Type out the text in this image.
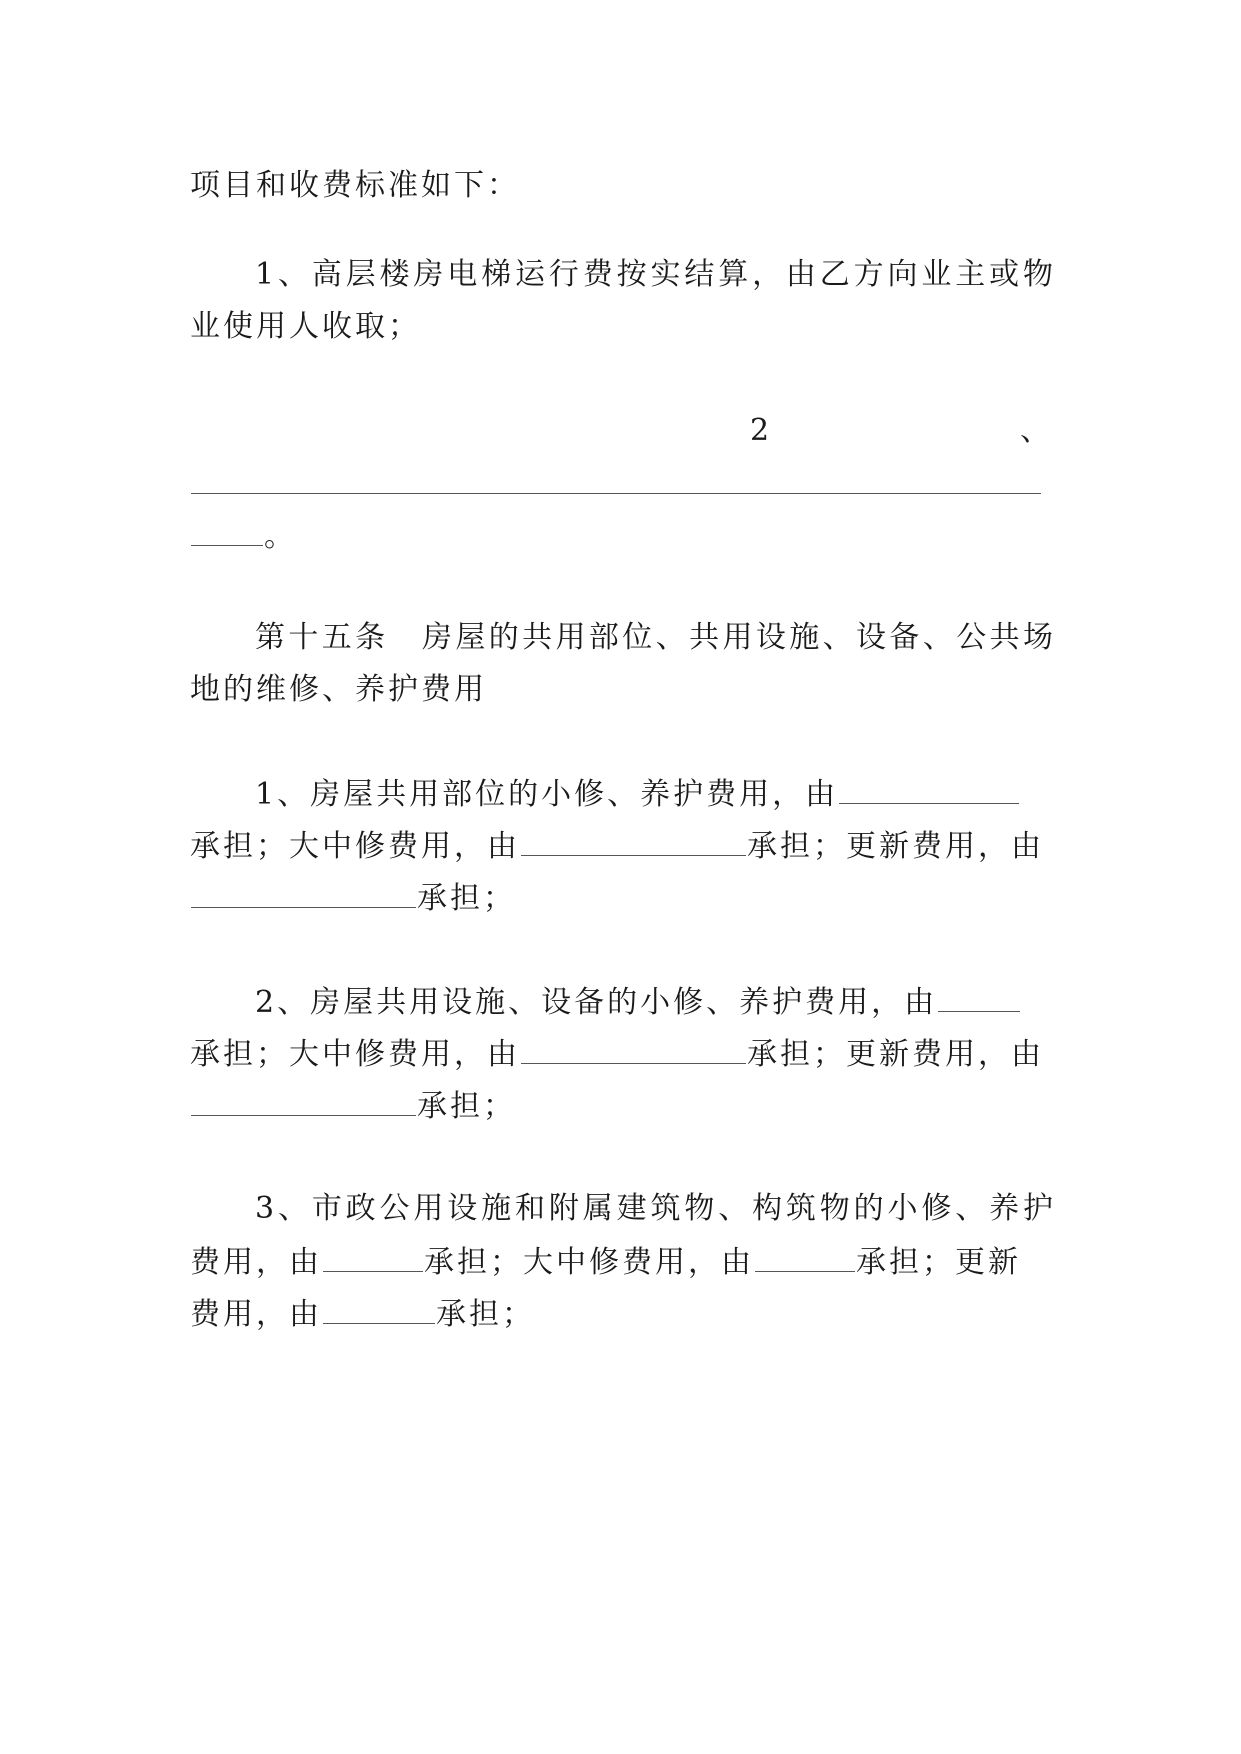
项目和收费标准如下：
1、高层楼房电梯运行费按实结算，由乙方向业主或物
业使用人收取；
2	、
。
第十五条　房屋的共用部位、共用设施、设备、公共场
地的维修、养护费用
1、房屋共用部位的小修、养护费用，由
承担；大中修费用，由	承担；更新费用，由
承担；
2、房屋共用设施、设备的小修、养护费用，由
承担；大中修费用，由	承担；更新费用，由
承担；
3、市政公用设施和附属建筑物、构筑物的小修、养护
费用，由	承担；大中修费用，由	承担；更新
费用，由	承担；
